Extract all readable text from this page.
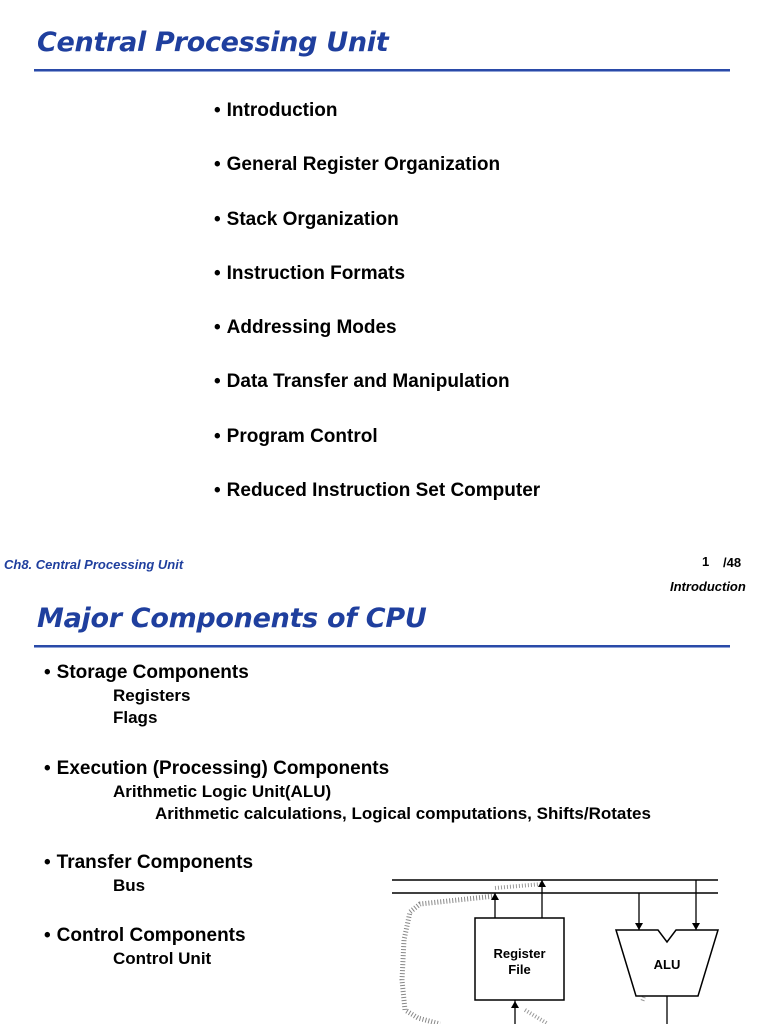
Central Processing Unit
• Introduction
• General Register Organization
• Stack Organization
• Instruction Formats
• Addressing Modes
• Data Transfer and Manipulation
• Program Control
• Reduced Instruction Set Computer
Ch8. Central Processing Unit	1 /48
Introduction
Major Components of CPU
• Storage Components
Registers
Flags
• Execution (Processing) Components
Arithmetic Logic Unit(ALU)
Arithmetic calculations, Logical computations, Shifts/Rotates
• Transfer Components
Bus
• Control Components
Control Unit	Register
File	ALU
